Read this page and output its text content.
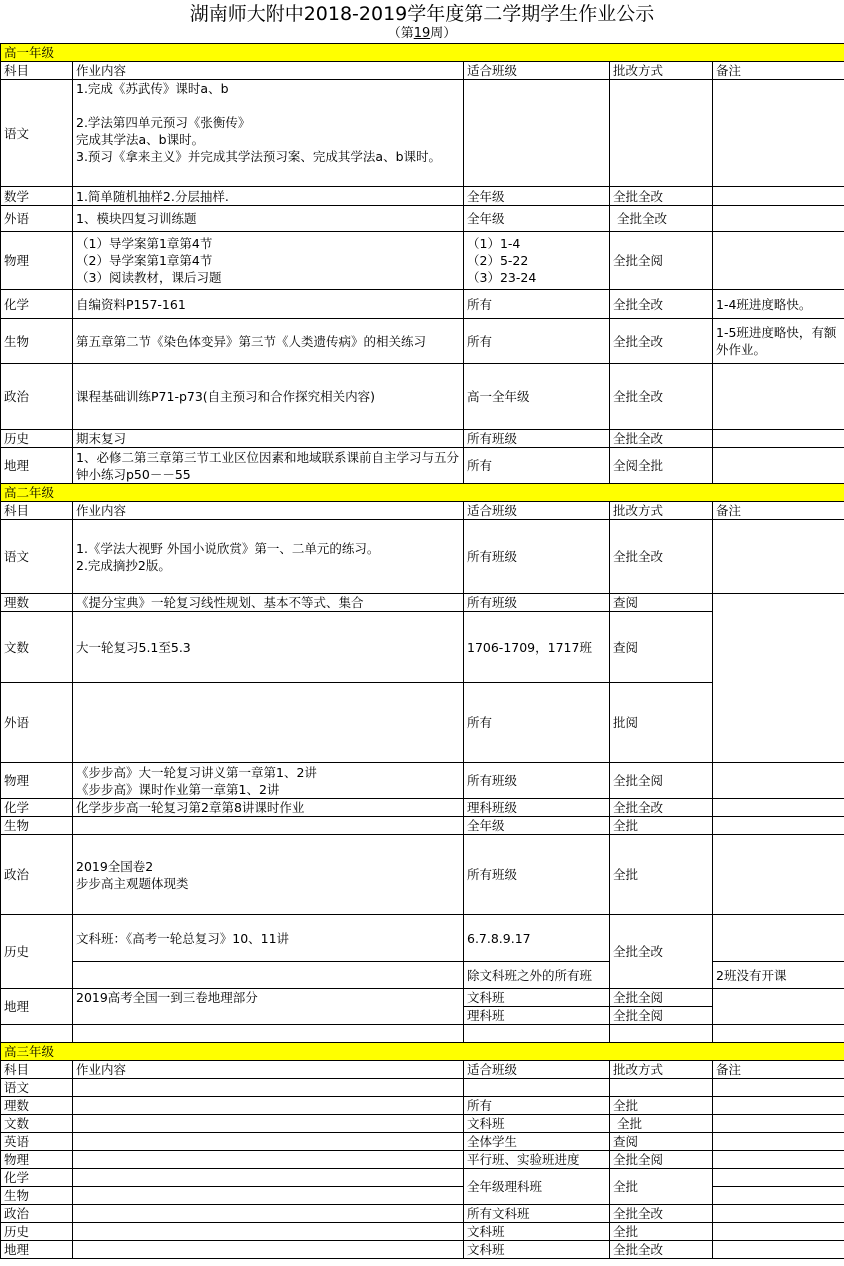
湖南师大附中2018-2019学年度第二学期学生作业公示
（第19周）
高一年级				
科目	作业内容	适合班级	批改方式	备注
语文	1.完成《苏武传》课时a、b

2.学法第四单元预习《张衡传》
完成其学法a、b课时。
3.预习《拿来主义》并完成其学法预习案、完成其学法a、b课时。			
数学	1.简单随机抽样2.分层抽样.	全年级	全批全改	
外语	1、模块四复习训练题	全年级	全批全改	
物理	（1）导学案第1章第4节
（2）导学案第1章第4节
（3）阅读教材，课后习题	（1）1-4
（2）5-22
（3）23-24	全批全阅	
化学	自编资料P157-161	所有	全批全改	1-4班进度略快。
生物	第五章第二节《染色体变异》第三节《人类遗传病》的相关练习	所有	全批全改	1-5班进度略快，有额外作业。
政治	课程基础训练P71-p73(自主预习和合作探究相关内容)	高一全年级	全批全改	
历史	期末复习	所有班级	全批全改	
地理	1、必修二第三章第三节工业区位因素和地域联系课前自主学习与五分钟小练习p50－－55	所有	全阅全批	
高二年级				
科目	作业内容	适合班级	批改方式	备注
语文	1.《学法大视野 外国小说欣赏》第一、二单元的练习。
2.完成摘抄2版。	所有班级	全批全改	
理数	《提分宝典》一轮复习线性规划、基本不等式、集合	所有班级	查阅	
文数	大一轮复习5.1至5.3	1706-1709，1717班	查阅	
外语		所有	批阅	
物理	《步步高》大一轮复习讲义第一章第1、2讲
《步步高》课时作业第一章第1、2讲	所有班级	全批全阅	
化学	化学步步高一轮复习第2章第8讲课时作业	理科班级	全批全改	
生物		全年级	全批	
政治	2019全国卷2
步步高主观题体现类	所有班级	全批	
历史	文科班：《高考一轮总复习》10、11讲	6.7.8.9.17	全批全改	
		除文科班之外的所有班		2班没有开课
地理	2019高考全国一到三卷地理部分	文科班	全批全阅	
		理科班	全批全阅	

高三年级				
科目	作业内容	适合班级	批改方式	备注
语文				
理数		所有	全批	
文数		文科班	全批	
英语		全体学生	查阅	
物理		平行班、实验班进度	全批全阅	
化学		全年级理科班	全批	
生物				
政治		所有文科班	全批全改	
历史		文科班	全批	
地理		文科班	全批全改	
